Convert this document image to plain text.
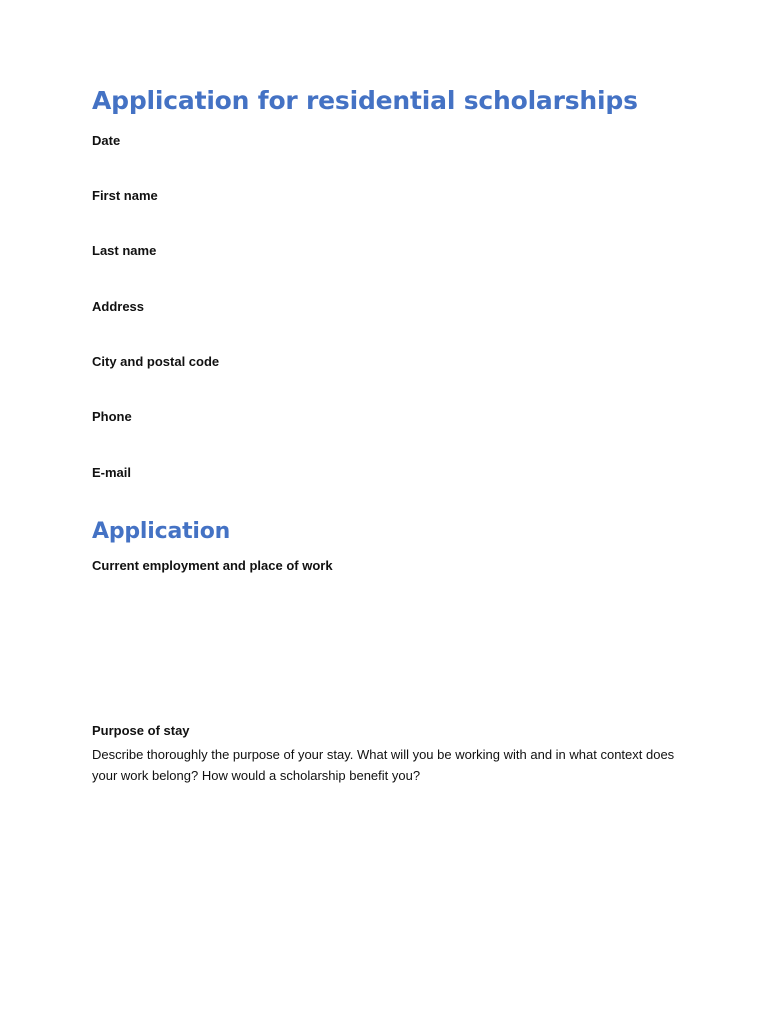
Application for residential scholarships

Date

First name

Last name

Address

City and postal code

Phone

E-mail

Application

Current employment and place of work

Purpose of stay

Describe thoroughly the purpose of your stay. What will you be working with and in what context does your work belong? How would a scholarship benefit you?
